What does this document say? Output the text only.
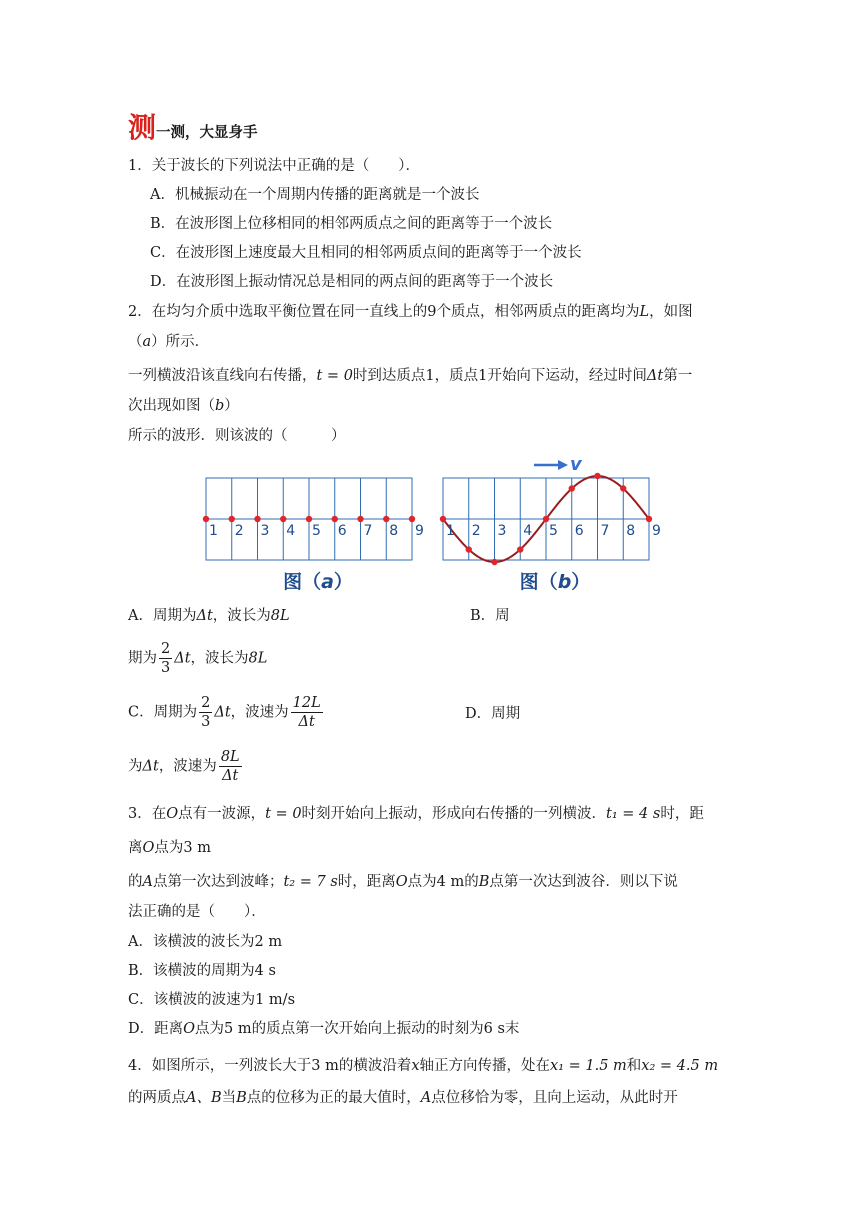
测一测，大显身手
1．关于波长的下列说法中正确的是（　　）．
A．机械振动在一个周期内传播的距离就是一个波长
B．在波形图上位移相同的相邻两质点之间的距离等于一个波长
C．在波形图上速度最大且相同的相邻两质点间的距离等于一个波长
D．在波形图上振动情况总是相同的两点间的距离等于一个波长
2．在均匀介质中选取平衡位置在同一直线上的9个质点，相邻两质点的距离均为L，如图
（a）所示．
一列横波沿该直线向右传播，t = 0时到达质点1，质点1开始向下运动，经过时间Δt第一
次出现如图（b）
所示的波形．则该波的（　　　）
1 2 3 4 5 6 7 8 9 1 2 3 4 5 6 7 8 9
v
图（a）	图（b）
A．周期为Δt，波长为8L	B．周
期为 $\frac{2}{3}$ Δt，波长为8L
C．周期为 $\frac{2}{3}$ Δt，波速为 $\frac{12L}{\Delta t}$	D．周期
为Δt，波速为 $\frac{8L}{\Delta t}$
3．在O点有一波源，t = 0时刻开始向上振动，形成向右传播的一列横波．t₁ = 4 s时，距
离O点为3 m
的A点第一次达到波峰；t₂ = 7 s时，距离O点为4 m的B点第一次达到波谷．则以下说
法正确的是（　　）．
A．该横波的波长为2 m
B．该横波的周期为4 s
C．该横波的波速为1 m/s
D．距离O点为5 m的质点第一次开始向上振动的时刻为6 s末
4．如图所示，一列波长大于3 m的横波沿着x轴正方向传播，处在x₁ = 1.5 m和x₂ = 4.5 m
的两质点A、B当B点的位移为正的最大值时，A点位移恰为零，且向上运动，从此时开
